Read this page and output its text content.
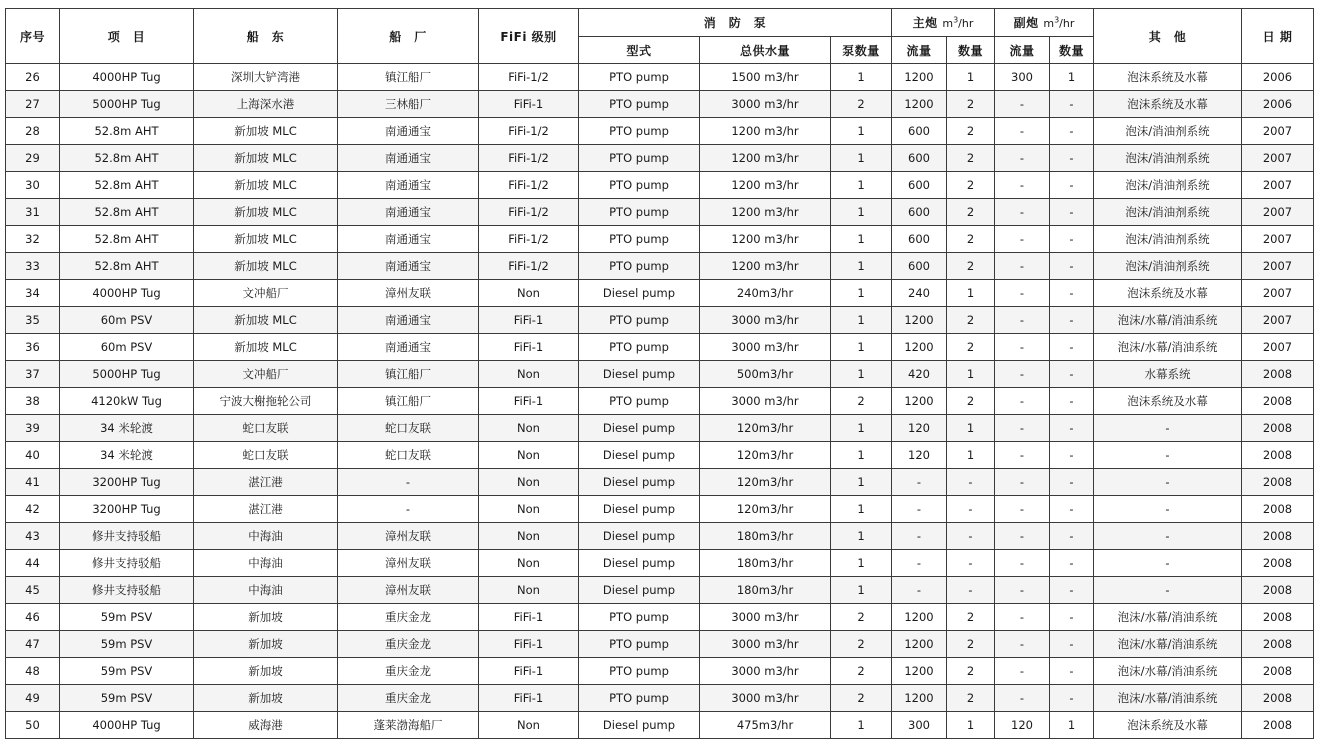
序号	项　目	船　东	船　厂	FiFi 级别	消　防　泵			主炮 $m^3/hr$		副炮 $m^3/hr$		其　他	日 期
					型式	总供水量	泵数量	流量	数量	流量	数量		
26	4000HP Tug	深圳大铲湾港	镇江船厂	FiFi-1/2	PTO pump	1500 m3/hr	1	1200	1	300	1	泡沫系统及水幕	2006
27	5000HP Tug	上海深水港	三林船厂	FiFi-1	PTO pump	3000 m3/hr	2	1200	2	-	-	泡沫系统及水幕	2006
28	52.8m AHT	新加坡 MLC	南通通宝	FiFi-1/2	PTO pump	1200 m3/hr	1	600	2	-	-	泡沫/消油剂系统	2007
29	52.8m AHT	新加坡 MLC	南通通宝	FiFi-1/2	PTO pump	1200 m3/hr	1	600	2	-	-	泡沫/消油剂系统	2007
30	52.8m AHT	新加坡 MLC	南通通宝	FiFi-1/2	PTO pump	1200 m3/hr	1	600	2	-	-	泡沫/消油剂系统	2007
31	52.8m AHT	新加坡 MLC	南通通宝	FiFi-1/2	PTO pump	1200 m3/hr	1	600	2	-	-	泡沫/消油剂系统	2007
32	52.8m AHT	新加坡 MLC	南通通宝	FiFi-1/2	PTO pump	1200 m3/hr	1	600	2	-	-	泡沫/消油剂系统	2007
33	52.8m AHT	新加坡 MLC	南通通宝	FiFi-1/2	PTO pump	1200 m3/hr	1	600	2	-	-	泡沫/消油剂系统	2007
34	4000HP Tug	文冲船厂	漳州友联	Non	Diesel pump	240m3/hr	1	240	1	-	-	泡沫系统及水幕	2007
35	60m PSV	新加坡 MLC	南通通宝	FiFi-1	PTO pump	3000 m3/hr	1	1200	2	-	-	泡沫/水幕/消油系统	2007
36	60m PSV	新加坡 MLC	南通通宝	FiFi-1	PTO pump	3000 m3/hr	1	1200	2	-	-	泡沫/水幕/消油系统	2007
37	5000HP Tug	文冲船厂	镇江船厂	Non	Diesel pump	500m3/hr	1	420	1	-	-	水幕系统	2008
38	4120kW Tug	宁波大榭拖轮公司	镇江船厂	FiFi-1	PTO pump	3000 m3/hr	2	1200	2	-	-	泡沫系统及水幕	2008
39	34 米轮渡	蛇口友联	蛇口友联	Non	Diesel pump	120m3/hr	1	120	1	-	-	-	2008
40	34 米轮渡	蛇口友联	蛇口友联	Non	Diesel pump	120m3/hr	1	120	1	-	-	-	2008
41	3200HP Tug	湛江港	-	Non	Diesel pump	120m3/hr	1	-	-	-	-	-	2008
42	3200HP Tug	湛江港	-	Non	Diesel pump	120m3/hr	1	-	-	-	-	-	2008
43	修井支持驳船	中海油	漳州友联	Non	Diesel pump	180m3/hr	1	-	-	-	-	-	2008
44	修井支持驳船	中海油	漳州友联	Non	Diesel pump	180m3/hr	1	-	-	-	-	-	2008
45	修井支持驳船	中海油	漳州友联	Non	Diesel pump	180m3/hr	1	-	-	-	-	-	2008
46	59m PSV	新加坡	重庆金龙	FiFi-1	PTO pump	3000 m3/hr	2	1200	2	-	-	泡沫/水幕/消油系统	2008
47	59m PSV	新加坡	重庆金龙	FiFi-1	PTO pump	3000 m3/hr	2	1200	2	-	-	泡沫/水幕/消油系统	2008
48	59m PSV	新加坡	重庆金龙	FiFi-1	PTO pump	3000 m3/hr	2	1200	2	-	-	泡沫/水幕/消油系统	2008
49	59m PSV	新加坡	重庆金龙	FiFi-1	PTO pump	3000 m3/hr	2	1200	2	-	-	泡沫/水幕/消油系统	2008
50	4000HP Tug	威海港	蓬莱渤海船厂	Non	Diesel pump	475m3/hr	1	300	1	120	1	泡沫系统及水幕	2008
